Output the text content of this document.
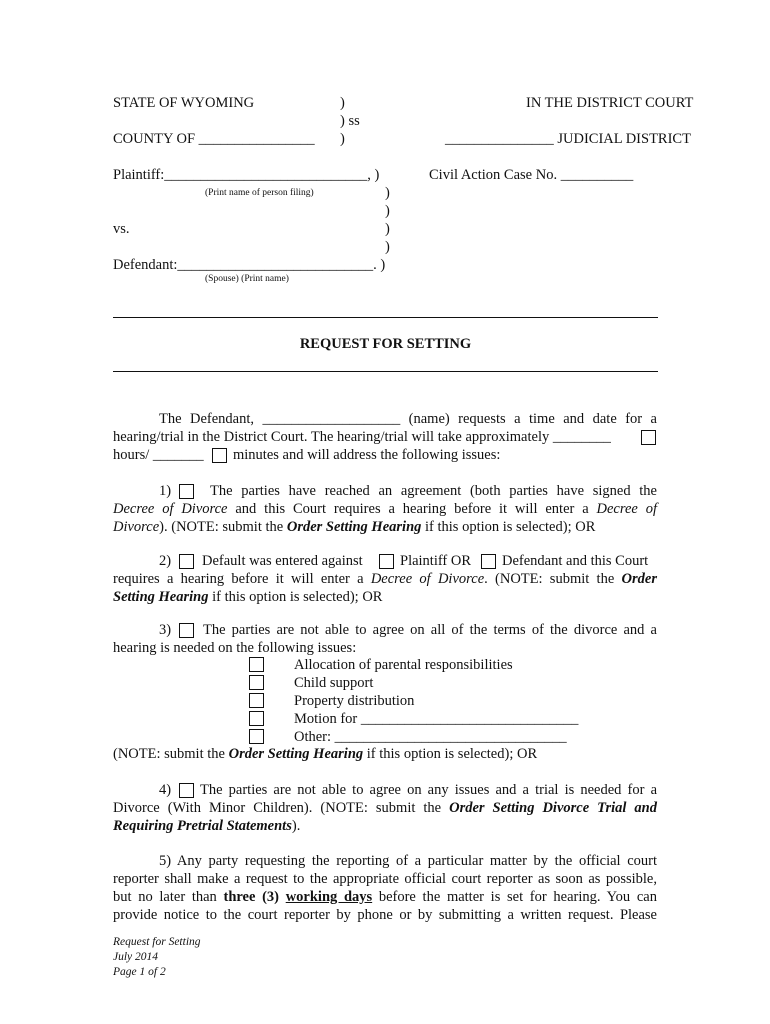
STATE OF WYOMING	)
) ss
)
COUNTY OF ________________
IN THE DISTRICT COURT
_______________ JUDICIAL DISTRICT
Plaintiff:____________________________, )
(Print name of person filing)
Civil Action Case No. __________
)
)
vs.	)
)
Defendant:___________________________. )
(Spouse) (Print name)
REQUEST FOR SETTING
The Defendant, ___________________ (name) requests a time and date for a
hearing/trial in the District Court. The hearing/trial will take approximately ________
hours/ _______ minutes and will address the following issues:
1)	The parties have reached an agreement (both parties have signed the
Decree of Divorce and this Court requires a hearing before it will enter a Decree of
Divorce). (NOTE: submit the Order Setting Hearing if this option is selected); OR
2) Default was entered against	Plaintiff OR Defendant and this Court
requires a hearing before it will enter a Decree of Divorce. (NOTE: submit the Order
Setting Hearing if this option is selected); OR
3) The parties are not able to agree on all of the terms of the divorce and a
hearing is needed on the following issues:
Allocation of parental responsibilities
Child support
Property distribution
Motion for ______________________________
Other: ________________________________
(NOTE: submit the Order Setting Hearing if this option is selected); OR
4) The parties are not able to agree on any issues and a trial is needed for a
Divorce (With Minor Children). (NOTE: submit the Order Setting Divorce Trial and
Requiring Pretrial Statements).
5) Any party requesting the reporting of a particular matter by the official court
reporter shall make a request to the appropriate official court reporter as soon as possible,
but no later than three (3) working days before the matter is set for hearing. You can
provide notice to the court reporter by phone or by submitting a written request. Please
Request for Setting
July 2014
Page 1 of 2
